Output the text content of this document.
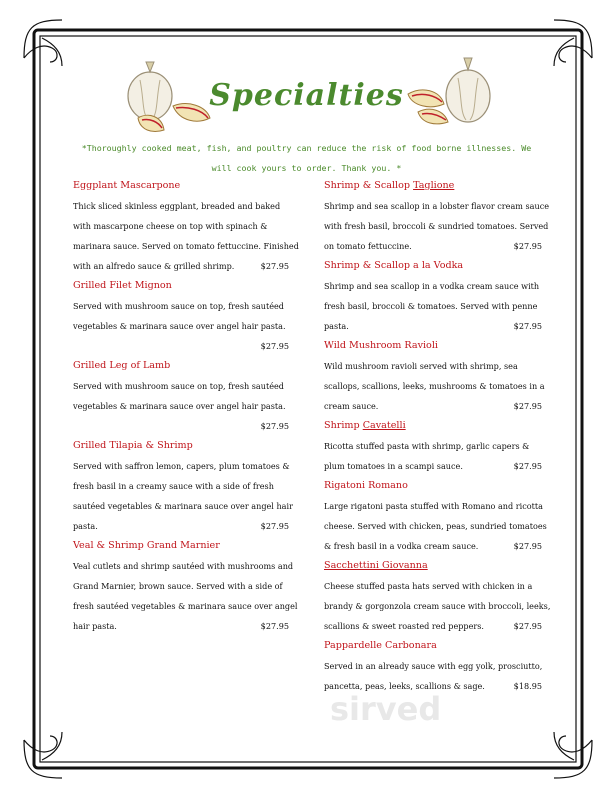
Specialties
*Thoroughly cooked meat, fish, and poultry can reduce the risk of food borne illnesses. We will cook yours to order. Thank you. *
Eggplant Mascarpone
Thick sliced skinless eggplant, breaded and baked
with mascarpone cheese on top with spinach &
marinara sauce. Served on tomato fettuccine. Finished
with an alfredo sauce & grilled shrimp.	$27.95
Grilled Filet Mignon
Served with mushroom sauce on top, fresh sautéed
vegetables & marinara sauce over angel hair pasta.
$27.95
Grilled Leg of Lamb
Served with mushroom sauce on top, fresh sautéed
vegetables & marinara sauce over angel hair pasta.
$27.95
Grilled Tilapia & Shrimp
Served with saffron lemon, capers, plum tomatoes &
fresh basil in a creamy sauce with a side of fresh
sautéed vegetables & marinara sauce over angel hair
pasta.	$27.95
Veal & Shrimp Grand Marnier
Veal cutlets and shrimp sautéed with mushrooms and
Grand Marnier, brown sauce. Served with a side of
fresh sautéed vegetables & marinara sauce over angel
hair pasta.	$27.95
Shrimp & Scallop Taglione
Shrimp and sea scallop in a lobster flavor cream sauce
with fresh basil, broccoli & sundried tomatoes. Served
on tomato fettuccine.	$27.95
Shrimp & Scallop a la Vodka
Shrimp and sea scallop in a vodka cream sauce with
fresh basil, broccoli & tomatoes. Served with penne
pasta.	$27.95
Wild Mushroom Ravioli
Wild mushroom ravioli served with shrimp, sea
scallops, scallions, leeks, mushrooms & tomatoes in a
cream sauce.	$27.95
Shrimp Cavatelli
Ricotta stuffed pasta with shrimp, garlic capers &
plum tomatoes in a scampi sauce.	$27.95
Rigatoni Romano
Large rigatoni pasta stuffed with Romano and ricotta
cheese. Served with chicken, peas, sundried tomatoes
& fresh basil in a vodka cream sauce.	$27.95
Sacchettini Giovanna
Cheese stuffed pasta hats served with chicken in a
brandy & gorgonzola cream sauce with broccoli, leeks,
scallions & sweet roasted red peppers.	$27.95
Pappardelle Carbonara
Served in an already sauce with egg yolk, prosciutto,
pancetta, peas, leeks, scallions & sage.	$18.95
sirved
